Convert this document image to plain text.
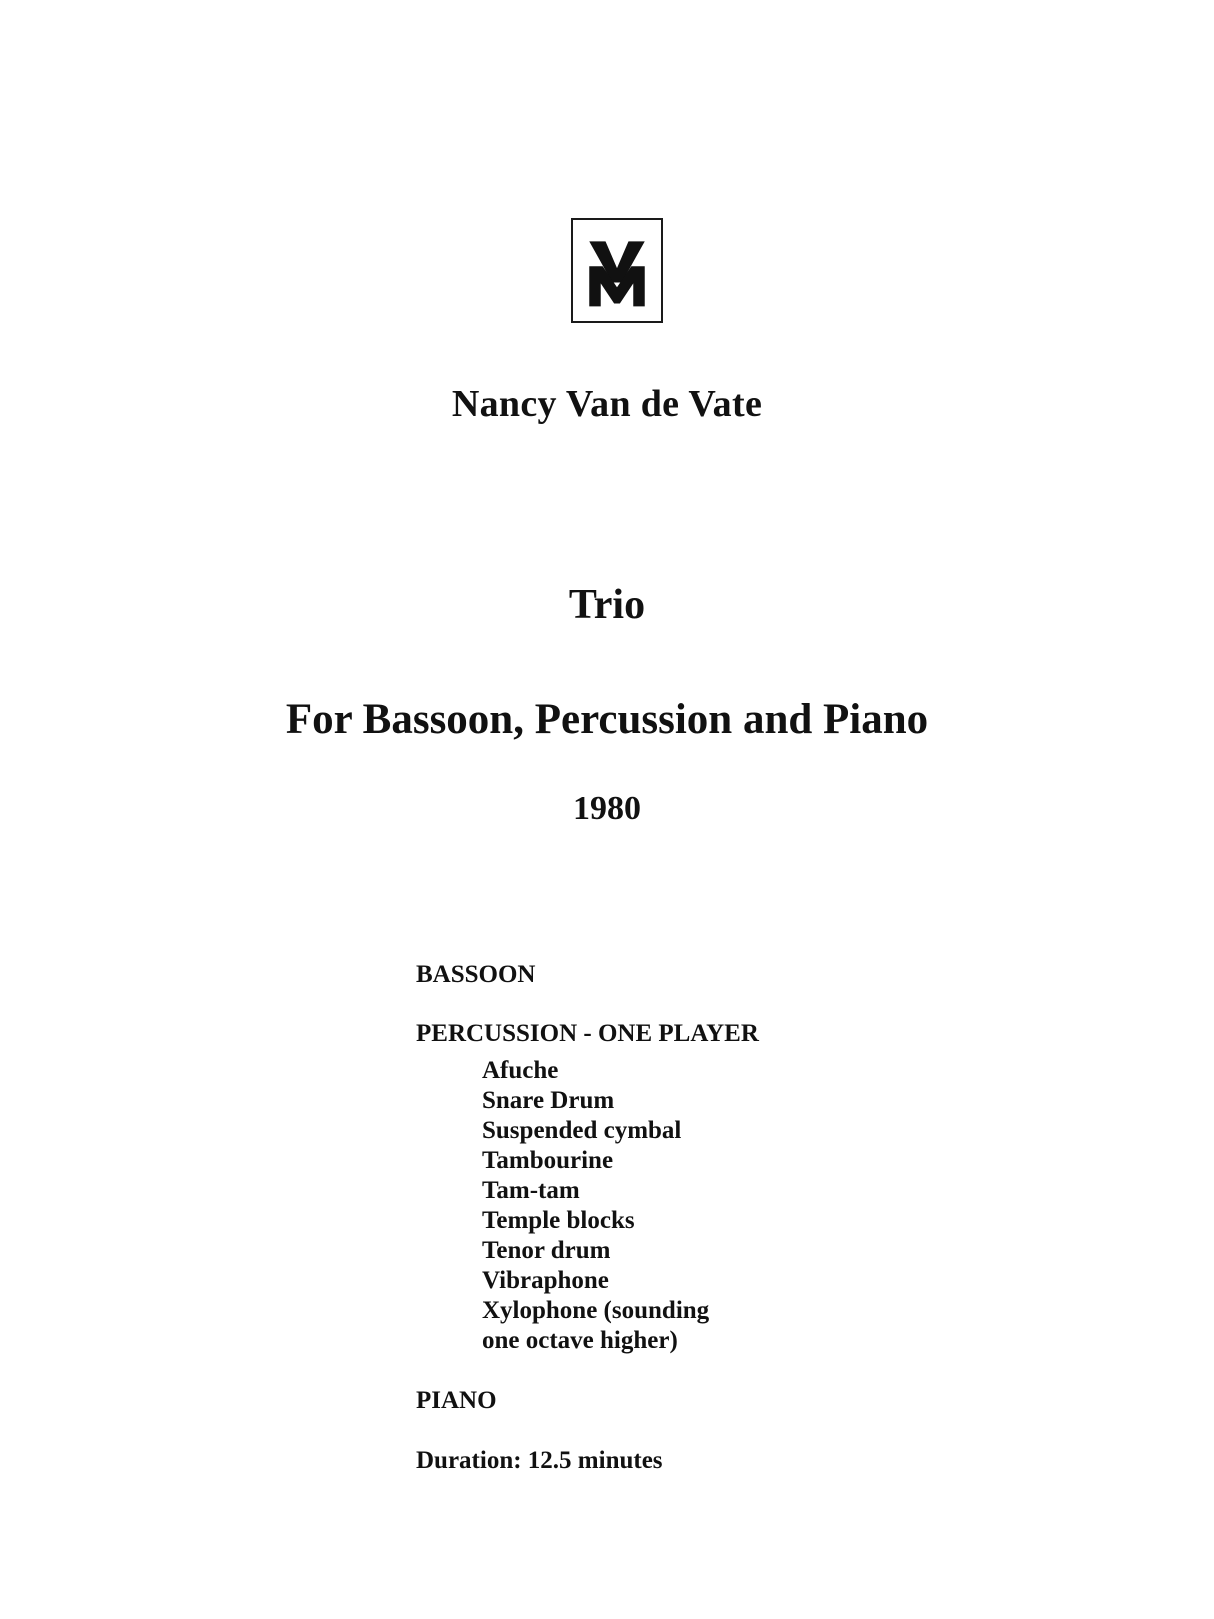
Nancy Van de Vate
Trio
For Bassoon, Percussion and Piano
1980
BASSOON
PERCUSSION - ONE PLAYER
Afuche
Snare Drum
Suspended cymbal
Tambourine
Tam-tam
Temple blocks
Tenor drum
Vibraphone
Xylophone (sounding
one octave higher)
PIANO
Duration: 12.5 minutes
